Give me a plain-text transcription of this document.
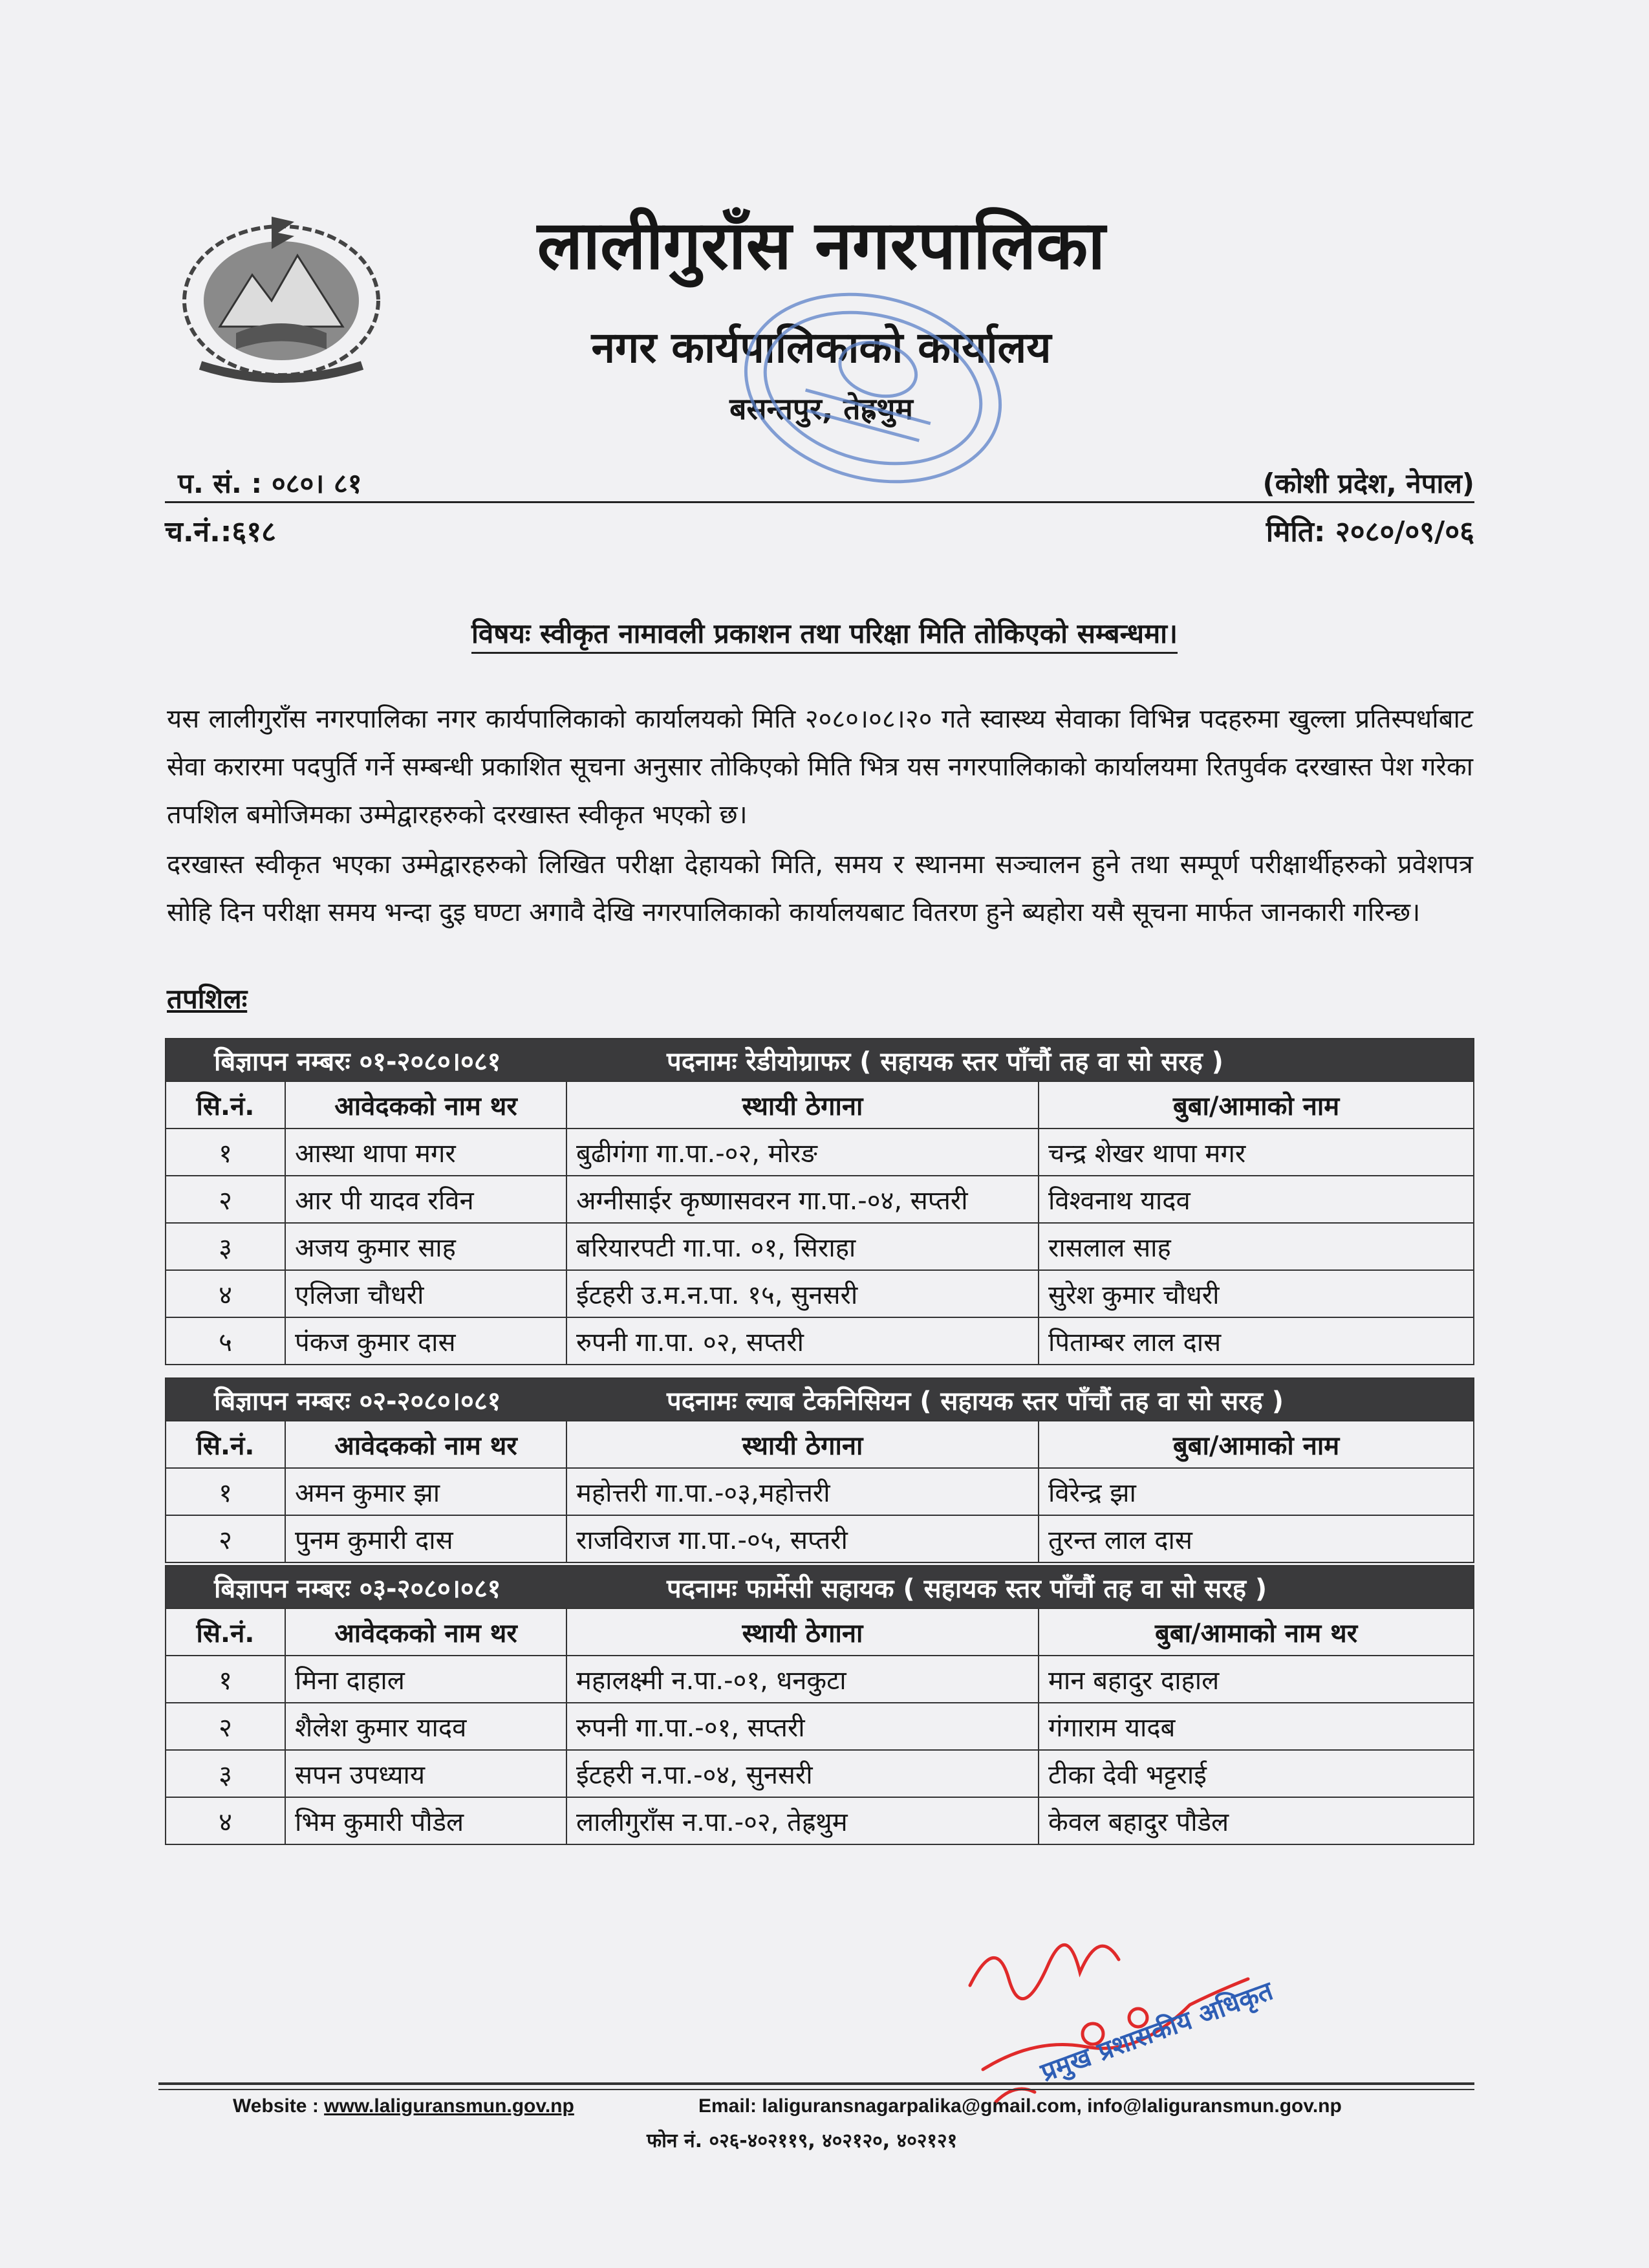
लालीगुराँस नगरपालिका
नगर कार्यपालिकाको कार्यालय
बसन्तपुर, तेह्रथुम
प. सं. : ०८०। ८१	(कोशी प्रदेश, नेपाल)
च.नं.:६१८	मिति: २०८०/०९/०६
विषयः स्वीकृत नामावली प्रकाशन तथा परिक्षा मिति तोकिएको सम्बन्धमा।
यस लालीगुराँस नगरपालिका नगर कार्यपालिकाको कार्यालयको मिति २०८०।०८।२० गते स्वास्थ्य सेवाका विभिन्न पदहरुमा खुल्ला प्रतिस्पर्धाबाट सेवा करारमा पदपुर्ति गर्ने सम्बन्धी प्रकाशित सूचना अनुसार तोकिएको मिति भित्र यस नगरपालिकाको कार्यालयमा रितपुर्वक दरखास्त पेश गरेका तपशिल बमोजिमका उम्मेद्वारहरुको दरखास्त स्वीकृत भएको छ।
दरखास्त स्वीकृत भएका उम्मेद्वारहरुको लिखित परीक्षा देहायको मिति, समय र स्थानमा सञ्चालन हुने तथा सम्पूर्ण परीक्षार्थीहरुको प्रवेशपत्र सोहि दिन परीक्षा समय भन्दा दुइ घण्टा अगावै देखि नगरपालिकाको कार्यालयबाट वितरण हुने ब्यहोरा यसै सूचना मार्फत जानकारी गरिन्छ।
तपशिलः
बिज्ञापन नम्बरः ०१-२०८०।०८१ पदनामः रेडीयोग्राफर ( सहायक स्तर पाँचौं तह वा सो सरह )			
सि.नं.	आवेदकको नाम थर	स्थायी ठेगाना	बुबा/आमाको नाम
१	आस्था थापा मगर	बुढीगंगा गा.पा.-०२, मोरङ	चन्द्र शेखर थापा मगर
२	आर पी यादव रविन	अग्नीसाईर कृष्णासवरन गा.पा.-०४, सप्तरी	विश्वनाथ यादव
३	अजय कुमार साह	बरियारपटी गा.पा. ०१, सिराहा	रासलाल साह
४	एलिजा चौधरी	ईटहरी उ.म.न.पा. १५, सुनसरी	सुरेश कुमार चौधरी
५	पंकज कुमार दास	रुपनी गा.पा. ०२, सप्तरी	पिताम्बर लाल दास
बिज्ञापन नम्बरः ०२-२०८०।०८१ पदनामः ल्याब टेकनिसियन ( सहायक स्तर पाँचौं तह वा सो सरह )			
सि.नं.	आवेदकको नाम थर	स्थायी ठेगाना	बुबा/आमाको नाम
१	अमन कुमार झा	महोत्तरी गा.पा.-०३,महोत्तरी	विरेन्द्र झा
२	पुनम कुमारी दास	राजविराज गा.पा.-०५, सप्तरी	तुरन्त लाल दास
बिज्ञापन नम्बरः ०३-२०८०।०८१ पदनामः फार्मेसी सहायक ( सहायक स्तर पाँचौं तह वा सो सरह )			
सि.नं.	आवेदकको नाम थर	स्थायी ठेगाना	बुबा/आमाको नाम थर
१	मिना दाहाल	महालक्ष्मी न.पा.-०१, धनकुटा	मान बहादुर दाहाल
२	शैलेश कुमार यादव	रुपनी गा.पा.-०१, सप्तरी	गंगाराम यादब
३	सपन उपध्याय	ईटहरी न.पा.-०४, सुनसरी	टीका देवी भट्टराई
४	भिम कुमारी पौडेल	लालीगुराँस न.पा.-०२, तेह्रथुम	केवल बहादुर पौडेल
प्रमुख प्रशासकीय अधिकृत
Website : www.laliguransmun.gov.np	Email: laliguransnagarpalika@gmail.com, info@laliguransmun.gov.np
फोन नं. ०२६-४०२११९, ४०२१२०, ४०२१२१
